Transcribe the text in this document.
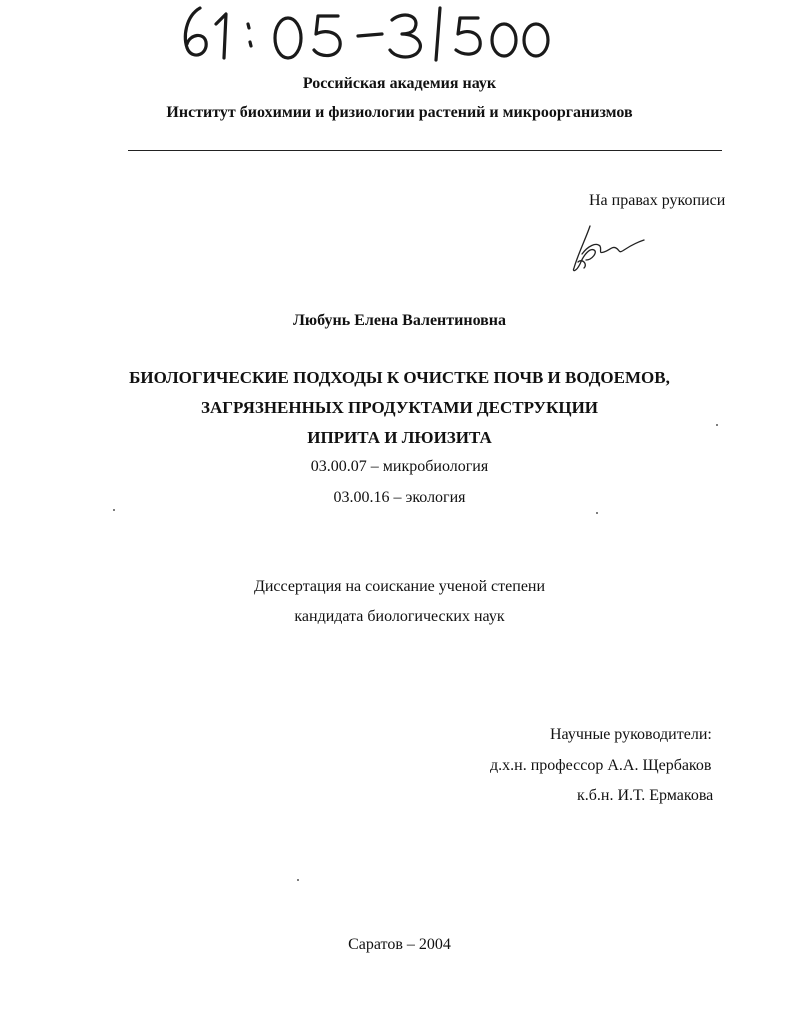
Российская академия наук
Институт биохимии и физиологии растений и микроорганизмов
На правах рукописи
Любунь Елена Валентиновна
БИОЛОГИЧЕСКИЕ ПОДХОДЫ К ОЧИСТКЕ ПОЧВ И ВОДОЕМОВ,
ЗАГРЯЗНЕННЫХ ПРОДУКТАМИ ДЕСТРУКЦИИ
ИПРИТА И ЛЮИЗИТА
03.00.07 – микробиология
03.00.16 – экология
Диссертация на соискание ученой степени
кандидата биологических наук
Научные руководители:
д.х.н. профессор А.А. Щербаков
к.б.н. И.Т. Ермакова
Саратов – 2004
